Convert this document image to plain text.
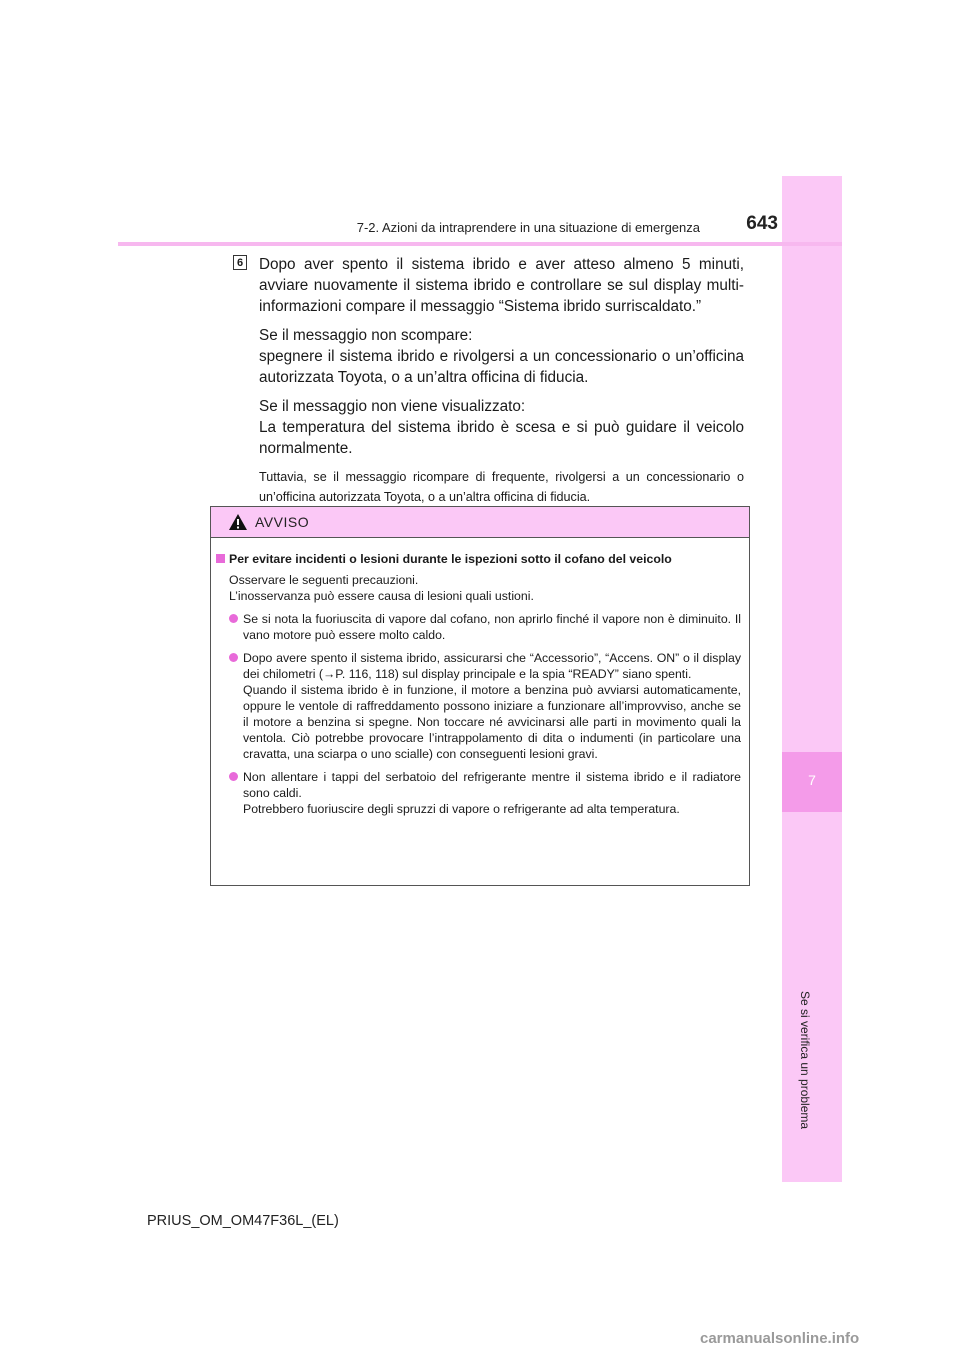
7
Se si verifica un problema
7-2. Azioni da intraprendere in una situazione di emergenza	643
6 Dopo aver spento il sistema ibrido e aver atteso almeno 5 minuti, avviare nuovamente il sistema ibrido e controllare se sul display multi-informazioni compare il messaggio “Sistema ibrido surriscaldato.”

Se il messaggio non scompare:

spegnere il sistema ibrido e rivolgersi a un concessionario o un’officina autorizzata Toyota, o a un’altra officina di fiducia.

Se il messaggio non viene visualizzato:

La temperatura del sistema ibrido è scesa e si può guidare il veicolo normalmente.

Tuttavia, se il messaggio ricompare di frequente, rivolgersi a un concessionario o un’officina autorizzata Toyota, o a un’altra officina di fiducia.

AVVISO
Per evitare incidenti o lesioni durante le ispezioni sotto il cofano del veicolo
Osservare le seguenti precauzioni.
L’inosservanza può essere causa di lesioni quali ustioni.
Se si nota la fuoriuscita di vapore dal cofano, non aprirlo finché il vapore non è diminuito. Il vano motore può essere molto caldo.
Dopo avere spento il sistema ibrido, assicurarsi che “Accessorio”, “Accens. ON” o il display dei chilometri (→P. 116, 118) sul display principale e la spia “READY” siano spenti.
Quando il sistema ibrido è in funzione, il motore a benzina può avviarsi automaticamente, oppure le ventole di raffreddamento possono iniziare a funzionare all’improvviso, anche se il motore a benzina si spegne. Non toccare né avvicinarsi alle parti in movimento quali la ventola. Ciò potrebbe provocare l’intrappolamento di dita o indumenti (in particolare una cravatta, una sciarpa o uno scialle) con conseguenti lesioni gravi.
Non allentare i tappi del serbatoio del refrigerante mentre il sistema ibrido e il radiatore sono caldi.
Potrebbero fuoriuscire degli spruzzi di vapore o refrigerante ad alta temperatura.
PRIUS_OM_OM47F36L_(EL)
carmanualsonline.info
